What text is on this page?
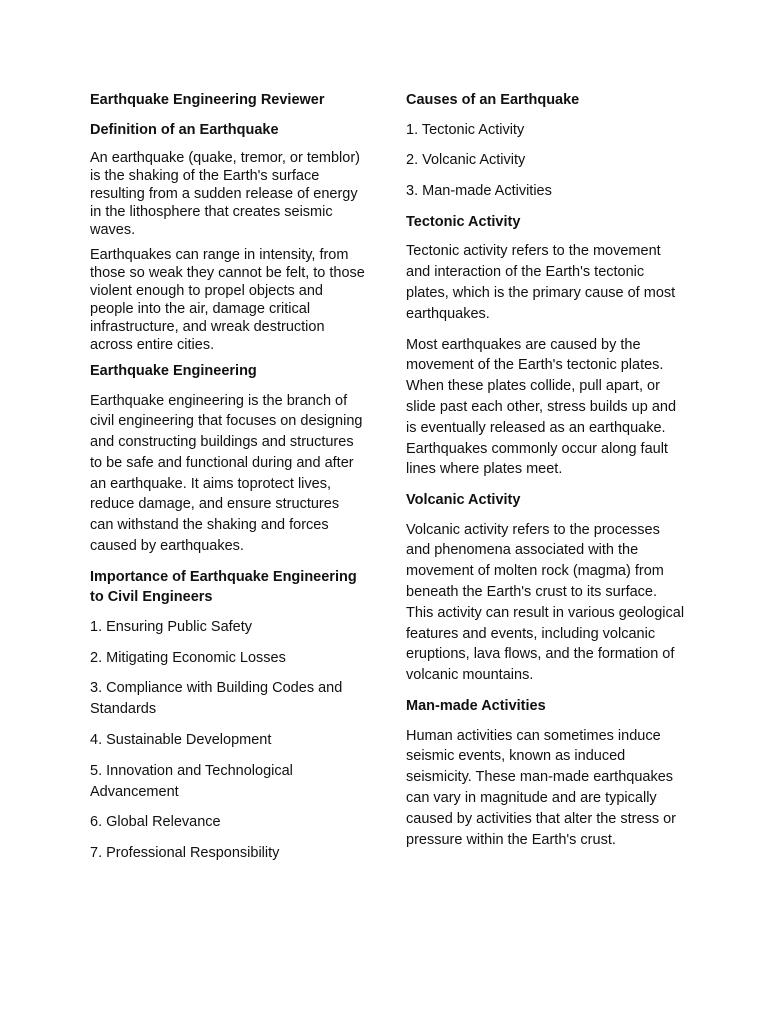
Earthquake Engineering Reviewer
Definition of an Earthquake
An earthquake (quake, tremor, or temblor) is the shaking of the Earth's surface resulting from a sudden release of energy in the lithosphere that creates seismic waves.
Earthquakes can range in intensity, from those so weak they cannot be felt, to those violent enough to propel objects and people into the air, damage critical infrastructure, and wreak destruction across entire cities.
Earthquake Engineering
Earthquake engineering is the branch of civil engineering that focuses on designing and constructing buildings and structures to be safe and functional during and after an earthquake. It aims toprotect lives, reduce damage, and ensure structures can withstand the shaking and forces caused by earthquakes.
Importance of Earthquake Engineering to Civil Engineers
1. Ensuring Public Safety
2. Mitigating Economic Losses
3. Compliance with Building Codes and Standards
4. Sustainable Development
5. Innovation and Technological Advancement
6. Global Relevance
7. Professional Responsibility
Causes of an Earthquake
1. Tectonic Activity
2. Volcanic Activity
3. Man-made Activities
Tectonic Activity
Tectonic activity refers to the movement and interaction of the Earth's tectonic plates, which is the primary cause of most earthquakes.
Most earthquakes are caused by the movement of the Earth's tectonic plates. When these plates collide, pull apart, or slide past each other, stress builds up and is eventually released as an earthquake. Earthquakes commonly occur along fault lines where plates meet.
Volcanic Activity
Volcanic activity refers to the processes and phenomena associated with the movement of molten rock (magma) from beneath the Earth's crust to its surface. This activity can result in various geological features and events, including volcanic eruptions, lava flows, and the formation of volcanic mountains.
Man-made Activities
Human activities can sometimes induce seismic events, known as induced seismicity. These man-made earthquakes can vary in magnitude and are typically caused by activities that alter the stress or pressure within the Earth's crust.
